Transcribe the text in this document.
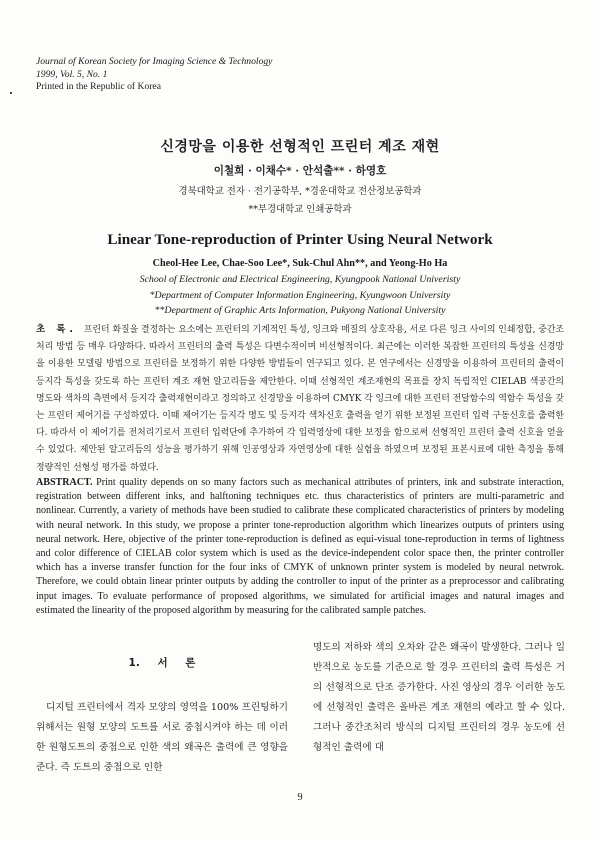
Journal of Korean Society for Imaging Science & Technology
1999, Vol. 5, No. 1
Printed in the Republic of Korea
신경망을 이용한 선형적인 프린터 계조 재현
이철희 · 이채수* · 안석출** · 하영호
경북대학교 전자 · 전기공학부, *경운대학교 전산정보공학과
**부경대학교 인쇄공학과
Linear Tone-reproduction of Printer Using Neural Network
Cheol-Hee Lee, Chae-Soo Lee*, Suk-Chul Ahn**, and Yeong-Ho Ha
School of Electronic and Electrical Engineering, Kyungpook National Univeristy
*Department of Computer Information Engineering, Kyungwoon University
**Department of Graphic Arts Information, Pukyong National University
초 록. 프린터 화질을 결정하는 요소에는 프린터의 기계적인 특성, 잉크와 매질의 상호작용, 서로 다른 잉크 사이의 인쇄정합, 중간조처리 방법 등 매우 다양하다. 따라서 프린터의 출력 특성은 다변수적이며 비선형적이다. 최근에는 이러한 복잡한 프린터의 특성을 신경망을 이용한 모델링 방법으로 프린터를 보정하기 위한 다양한 방법들이 연구되고 있다. 본 연구에서는 신경망을 이용하여 프린터의 출력이 등지각 특성을 갖도록 하는 프린터 계조 재현 알고리듬을 제안한다. 이때 선형적인 계조재현의 목표를 장치 독립적인 CIELAB 색공간의 명도와 색차의 측면에서 등지각 출력재현이라고 정의하고 신경망을 이용하여 CMYK 각 잉크에 대한 프린터 전달함수의 역함수 특성을 갖는 프린터 제어기를 구성하였다. 이때 제어기는 등지각 명도 및 등지각 색차신호 출력을 얻기 위한 보정된 프린터 입력 구동신호를 출력한다. 따라서 이 제어기를 전처리기로서 프린터 입력단에 추가하여 각 입력영상에 대한 보정을 함으로써 선형적인 프린터 출력 신호을 얻을 수 있었다. 제안된 알고리듬의 성능을 평가하기 위해 인공영상과 자연영상에 대한 실험을 하였으며 보정된 표본시료에 대한 측정을 통해 정량적인 선형성 평가를 하였다.
ABSTRACT. Print quality depends on so many factors such as mechanical attributes of printers, ink and substrate interaction, registration between different inks, and halftoning techniques etc. thus characteristics of printers are multi-parametric and nonlinear. Currently, a variety of methods have been studied to calibrate these complicated characteristics of printers by modeling with neural network. In this study, we propose a printer tone-reproduction algorithm which linearizes outputs of printers using neural network. Here, objective of the printer tone-reproduction is defined as equi-visual tone-reproduction in terms of lightness and color difference of CIELAB color system which is used as the device-independent color space then, the printer controller which has a inverse transfer function for the four inks of CMYK of unknown printer system is modeled by neural netwrok. Therefore, we could obtain linear printer outputs by adding the controller to input of the printer as a preprocessor and calibrating input images. To evaluate performance of proposed algorithms, we simulated for artificial images and natural images and estimated the linearity of the proposed algorithm by measuring for the calibrated sample patches.
1. 서 론
디지털 프린터에서 격자 모양의 영역을 100% 프린팅하기 위해서는 원형 모양의 도트를 서로 중첩시켜야 하는 데 이러한 원형도트의 중첩으로 인한 색의 왜곡은 출력에 큰 영향을 준다. 즉 도트의 중첩으로 인한
명도의 저하와 색의 오차와 같은 왜곡이 발생한다. 그러나 일반적으로 농도를 기준으로 할 경우 프린터의 출력 특성은 거의 선형적으로 단조 증가한다. 사진 영상의 경우 이러한 농도에 선형적인 출력은 올바른 계조 재현의 예라고 할 수 있다. 그러나 중간조처리 방식의 디지털 프린터의 경우 농도에 선형적인 출력에 대
9
